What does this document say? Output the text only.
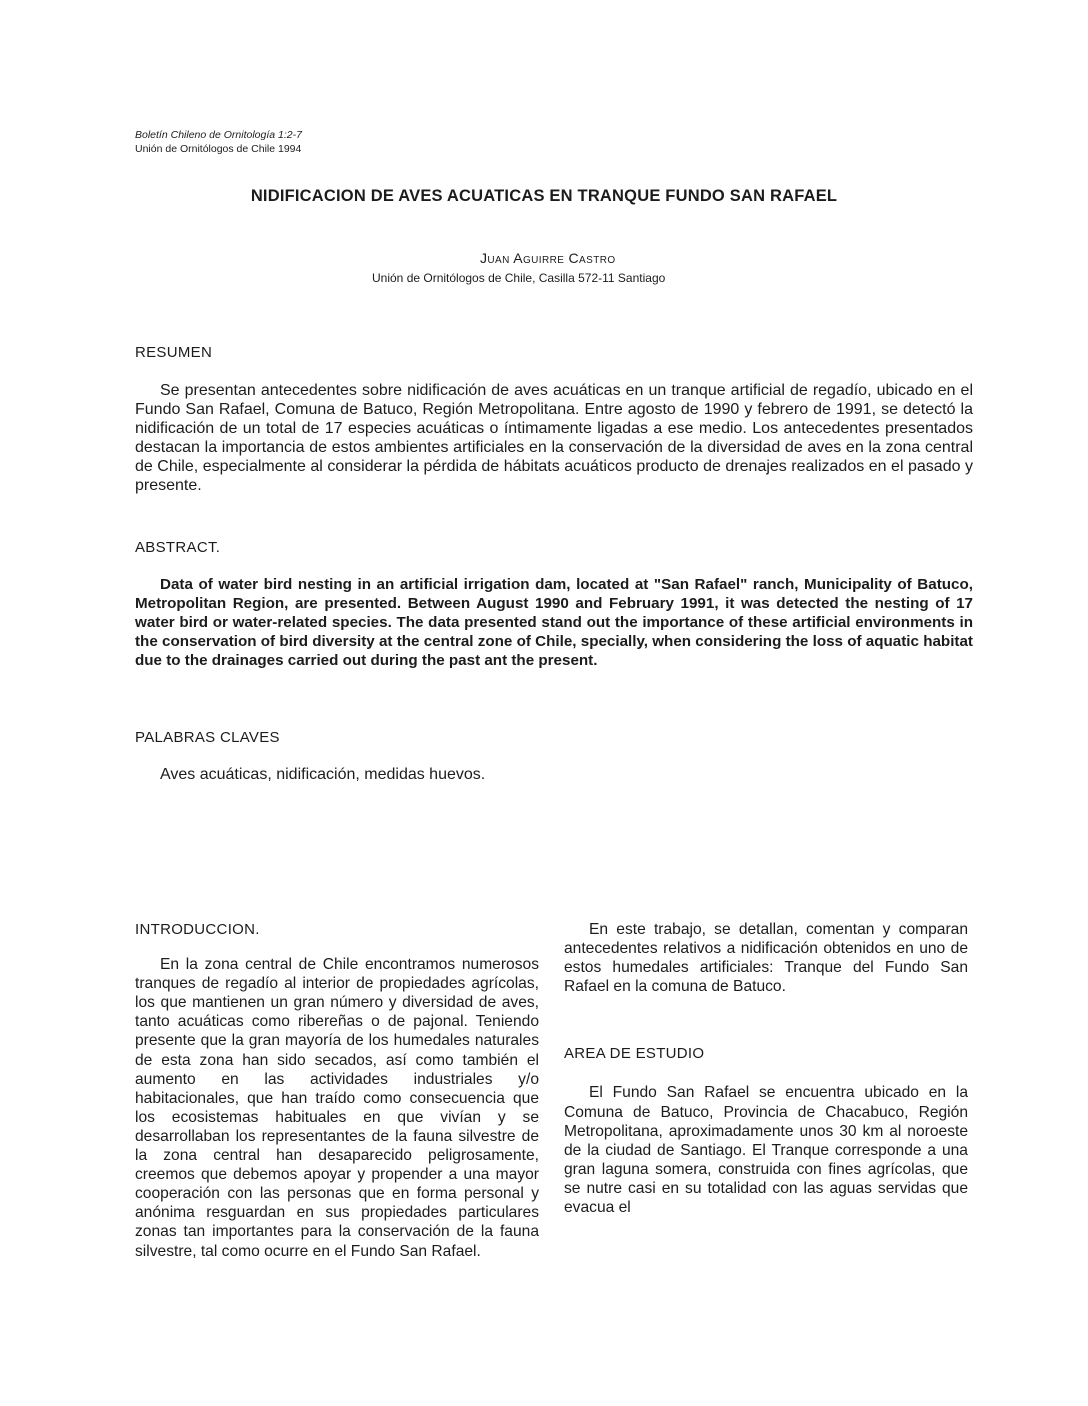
Boletín Chileno de Ornitología 1:2-7
Unión de Ornitólogos de Chile 1994
NIDIFICACION DE AVES ACUATICAS EN TRANQUE FUNDO SAN RAFAEL
Juan Aguirre Castro
Unión de Ornitólogos de Chile, Casilla 572-11 Santiago
RESUMEN

Se presentan antecedentes sobre nidificación de aves acuáticas en un tranque artificial de regadío, ubicado en el Fundo San Rafael, Comuna de Batuco, Región Metropolitana. Entre agosto de 1990 y febrero de 1991, se detectó la nidificación de un total de 17 especies acuáticas o íntimamente ligadas a ese medio. Los antecedentes presentados destacan la importancia de estos ambientes artificiales en la conservación de la diversidad de aves en la zona central de Chile, especialmente al considerar la pérdida de hábitats acuáticos producto de drenajes realizados en el pasado y presente.

ABSTRACT.

Data of water bird nesting in an artificial irrigation dam, located at "San Rafael" ranch, Municipality of Batuco, Metropolitan Region, are presented. Between August 1990 and February 1991, it was detected the nesting of 17 water bird or water-related species. The data presented stand out the importance of these artificial environments in the conservation of bird diversity at the central zone of Chile, specially, when considering the loss of aquatic habitat due to the drainages carried out during the past ant the present.

PALABRAS CLAVES

Aves acuáticas, nidificación, medidas huevos.

INTRODUCCION.

En la zona central de Chile encontramos numerosos tranques de regadío al interior de propiedades agrícolas, los que mantienen un gran número y diversidad de aves, tanto acuáticas como ribereñas o de pajonal. Teniendo presente que la gran mayoría de los humedales naturales de esta zona han sido secados, así como también el aumento en las actividades industriales y/o habitacionales, que han traído como consecuencia que los ecosistemas habituales en que vivían y se desarrollaban los representantes de la fauna silvestre de la zona central han desaparecido peligrosamente, creemos que debemos apoyar y propender a una mayor cooperación con las personas que en forma personal y anónima resguardan en sus propiedades particulares zonas tan importantes para la conservación de la fauna silvestre, tal como ocurre en el Fundo San Rafael.

En este trabajo, se detallan, comentan y comparan antecedentes relativos a nidificación obtenidos en uno de estos humedales artificiales: Tranque del Fundo San Rafael en la comuna de Batuco.

AREA DE ESTUDIO

El Fundo San Rafael se encuentra ubicado en la Comuna de Batuco, Provincia de Chacabuco, Región Metropolitana, aproximadamente unos 30 km al noroeste de la ciudad de Santiago. El Tranque corresponde a una gran laguna somera, construida con fines agrícolas, que se nutre casi en su totalidad con las aguas servidas que evacua el
